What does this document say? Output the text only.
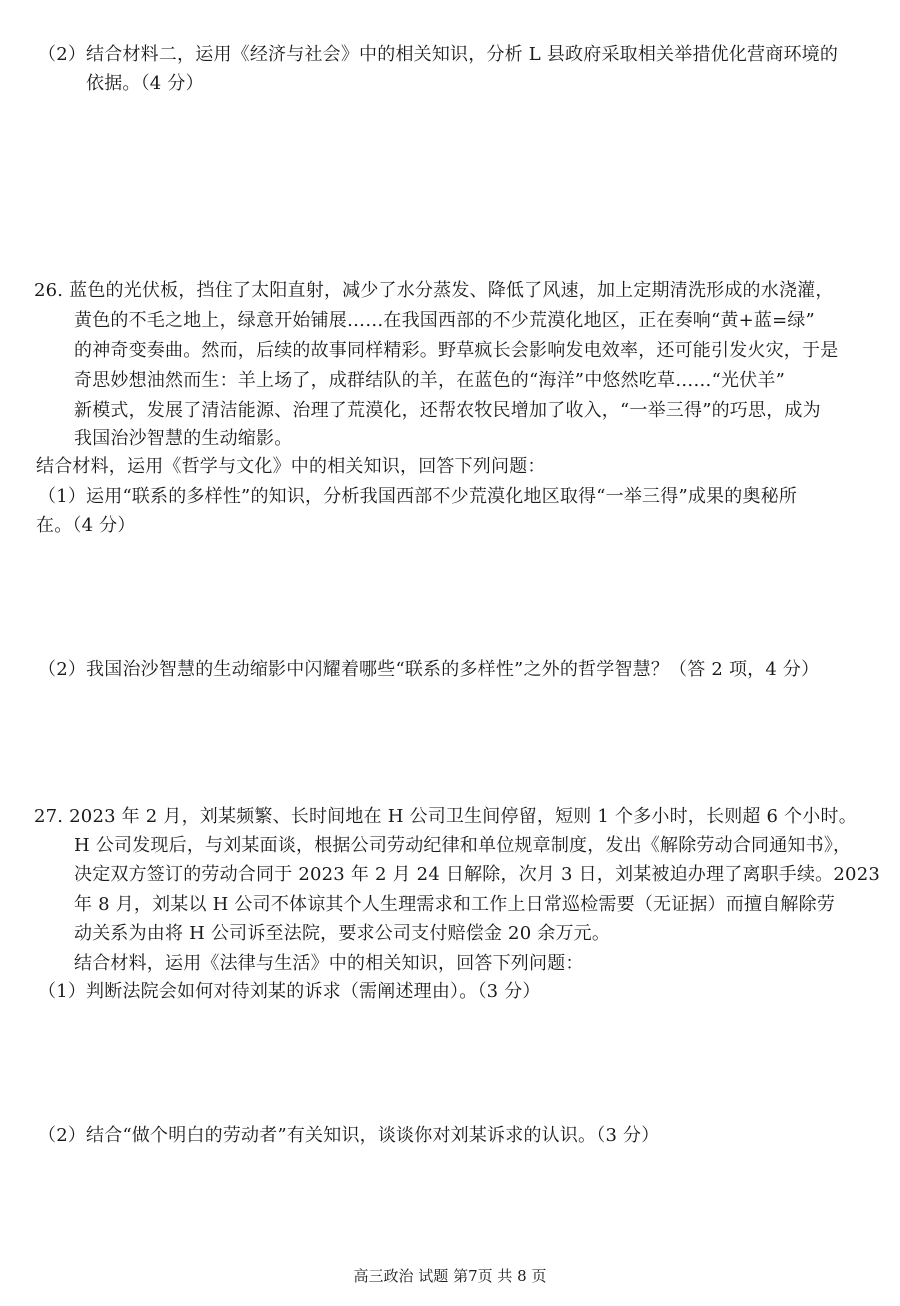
（2）结合材料二，运用《经济与社会》中的相关知识，分析 L 县政府采取相关举措优化营商环境的
依据。（4 分）
26. 蓝色的光伏板，挡住了太阳直射，减少了水分蒸发、降低了风速，加上定期清洗形成的水浇灌，
黄色的不毛之地上，绿意开始铺展……在我国西部的不少荒漠化地区，正在奏响“黄+蓝=绿”
的神奇变奏曲。然而，后续的故事同样精彩。野草疯长会影响发电效率，还可能引发火灾，于是
奇思妙想油然而生：羊上场了，成群结队的羊，在蓝色的“海洋”中悠然吃草……“光伏羊”
新模式，发展了清洁能源、治理了荒漠化，还帮农牧民增加了收入，“一举三得”的巧思，成为
我国治沙智慧的生动缩影。
结合材料，运用《哲学与文化》中的相关知识，回答下列问题：
（1）运用“联系的多样性”的知识，分析我国西部不少荒漠化地区取得“一举三得”成果的奥秘所
在。（4 分）
（2）我国治沙智慧的生动缩影中闪耀着哪些“联系的多样性”之外的哲学智慧？（答 2 项，4 分）
27. 2023 年 2 月，刘某频繁、长时间地在 H 公司卫生间停留，短则 1 个多小时，长则超 6 个小时。
H 公司发现后，与刘某面谈，根据公司劳动纪律和单位规章制度，发出《解除劳动合同通知书》，
决定双方签订的劳动合同于 2023 年 2 月 24 日解除，次月 3 日，刘某被迫办理了离职手续。2023
年 8 月，刘某以 H 公司不体谅其个人生理需求和工作上日常巡检需要（无证据）而擅自解除劳
动关系为由将 H 公司诉至法院，要求公司支付赔偿金 20 余万元。
结合材料，运用《法律与生活》中的相关知识，回答下列问题：
（1）判断法院会如何对待刘某的诉求（需阐述理由）。（3 分）
（2）结合“做个明白的劳动者”有关知识，谈谈你对刘某诉求的认识。（3 分）
高三政治 试题 第7页 共 8 页
